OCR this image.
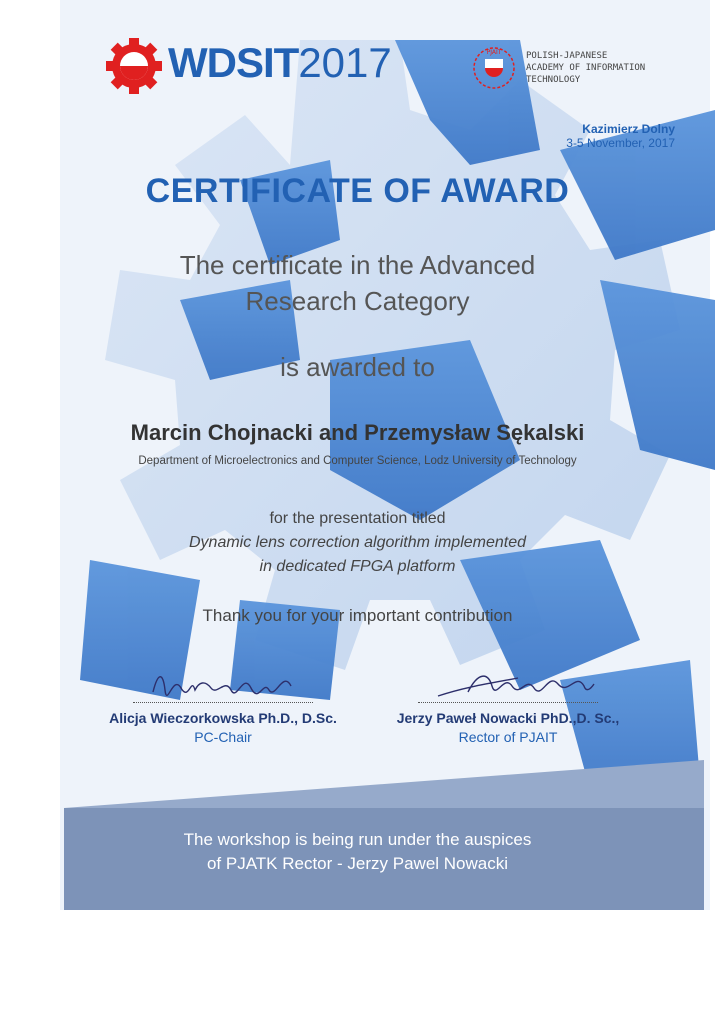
WDSIT2017	PJAIT	POLISH-JAPANESE
ACADEMY OF INFORMATION
TECHNOLOGY
Kazimierz Dolny
3-5 November, 2017
CERTIFICATE OF AWARD
The certificate in the Advanced
Research Category
is awarded to
Marcin Chojnacki and Przemysław Sękalski
Department of Microelectronics and Computer Science, Lodz University of Technology
for the presentation titled
Dynamic lens correction algorithm implemented
in dedicated FPGA platform
Thank you for your important contribution
Alicja Wieczorkowska Ph.D., D.Sc.
PC-Chair
Jerzy Paweł Nowacki PhD.,D. Sc.,
Rector of PJAIT
The workshop is being run under the auspices
of PJATK Rector - Jerzy Pawel Nowacki
